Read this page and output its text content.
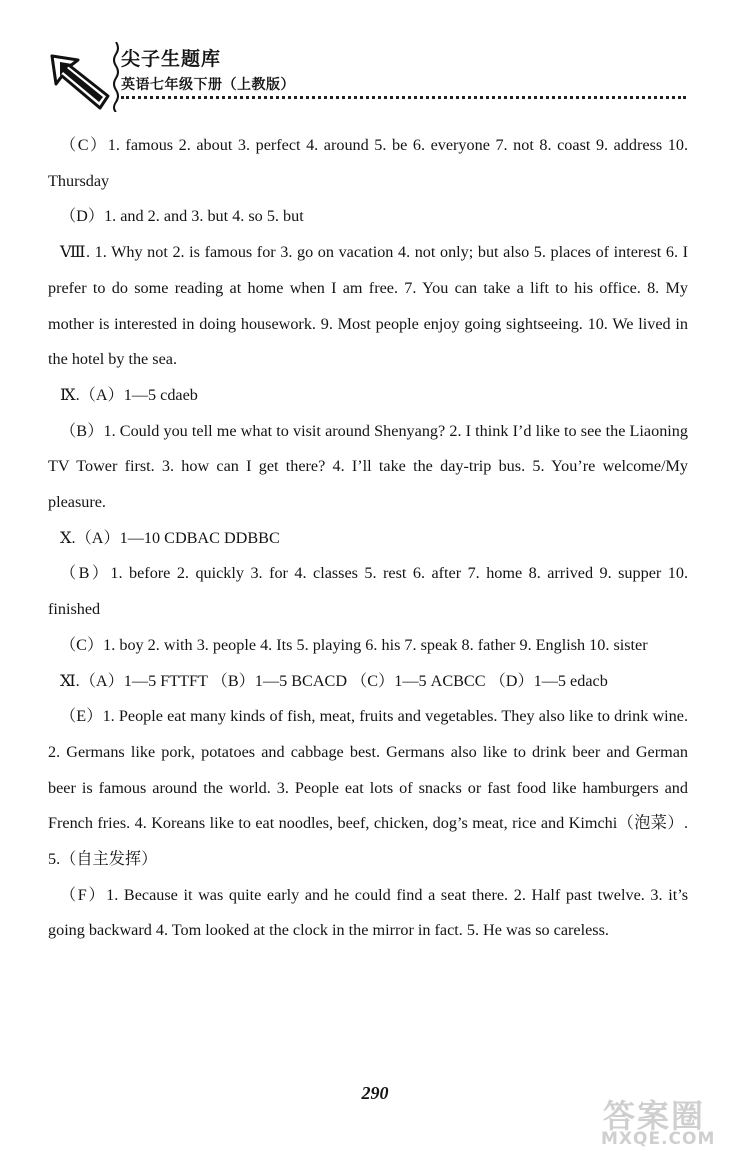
尖子生题库
英语七年级下册（上教版）

（C）1. famous 2. about 3. perfect 4. around 5. be 6. everyone 7. not 8. coast 9. address 10. Thursday

（D）1. and 2. and 3. but 4. so 5. but

Ⅷ. 1. Why not 2. is famous for 3. go on vacation 4. not only; but also 5. places of interest 6. I prefer to do some reading at home when I am free. 7. You can take a lift to his office. 8. My mother is interested in doing housework. 9. Most people enjoy going sightseeing. 10. We lived in the hotel by the sea.

Ⅸ.（A）1—5 cdaeb

（B）1. Could you tell me what to visit around Shenyang? 2. I think I’d like to see the Liaoning TV Tower first. 3. how can I get there? 4. I’ll take the day-trip bus. 5. You’re welcome/My pleasure.

Ⅹ.（A）1—10 CDBAC DDBBC

（B）1. before 2. quickly 3. for 4. classes 5. rest 6. after 7. home 8. arrived 9. supper 10. finished

（C）1. boy 2. with 3. people 4. Its 5. playing 6. his 7. speak 8. father 9. English 10. sister

Ⅺ.（A）1—5 FTTFT （B）1—5 BCACD （C）1—5 ACBCC （D）1—5 edacb

（E）1. People eat many kinds of fish, meat, fruits and vegetables. They also like to drink wine. 2. Germans like pork, potatoes and cabbage best. Germans also like to drink beer and German beer is famous around the world. 3. People eat lots of snacks or fast food like hamburgers and French fries. 4. Koreans like to eat noodles, beef, chicken, dog’s meat, rice and Kimchi（泡菜）. 5.（自主发挥）

（F）1. Because it was quite early and he could find a seat there. 2. Half past twelve. 3. it’s going backward 4. Tom looked at the clock in the mirror in fact. 5. He was so careless.

290
答案圈
MXQE.COM
